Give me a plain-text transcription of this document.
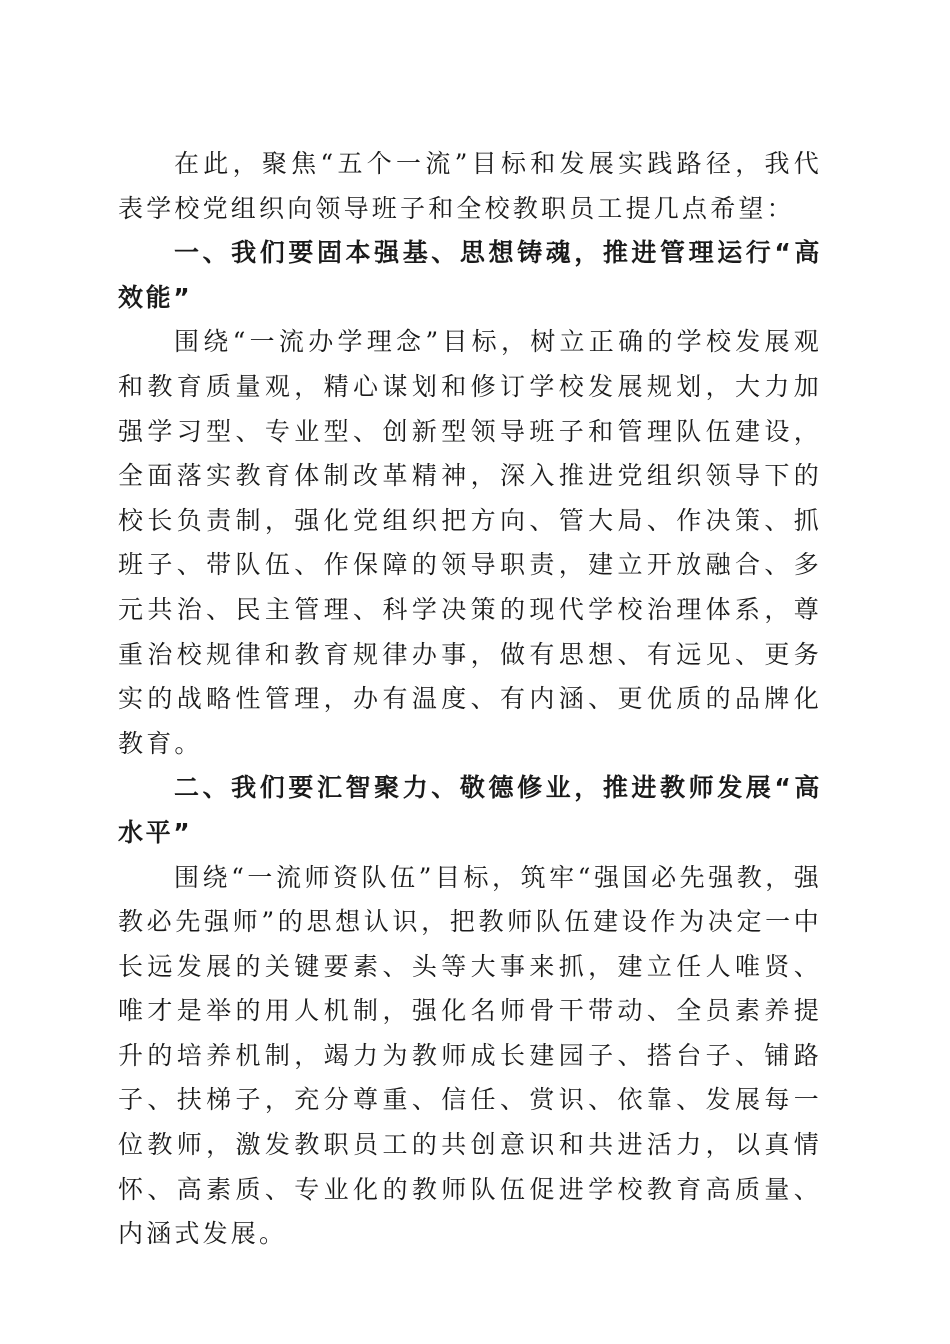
在此，聚焦“五个一流”目标和发展实践路径，我代表学校党组织向领导班子和全校教职员工提几点希望：

一、我们要固本强基、思想铸魂，推进管理运行“高效能”

围绕“一流办学理念”目标，树立正确的学校发展观和教育质量观，精心谋划和修订学校发展规划，大力加强学习型、专业型、创新型领导班子和管理队伍建设，全面落实教育体制改革精神，深入推进党组织领导下的校长负责制，强化党组织把方向、管大局、作决策、抓班子、带队伍、作保障的领导职责，建立开放融合、多元共治、民主管理、科学决策的现代学校治理体系，尊重治校规律和教育规律办事，做有思想、有远见、更务实的战略性管理，办有温度、有内涵、更优质的品牌化教育。

二、我们要汇智聚力、敬德修业，推进教师发展“高水平”

围绕“一流师资队伍”目标，筑牢“强国必先强教，强教必先强师”的思想认识，把教师队伍建设作为决定一中长远发展的关键要素、头等大事来抓，建立任人唯贤、唯才是举的用人机制，强化名师骨干带动、全员素养提升的培养机制，竭力为教师成长建园子、搭台子、铺路子、扶梯子，充分尊重、信任、赏识、依靠、发展每一位教师，激发教职员工的共创意识和共进活力，以真情怀、高素质、专业化的教师队伍促进学校教育高质量、内涵式发展。
